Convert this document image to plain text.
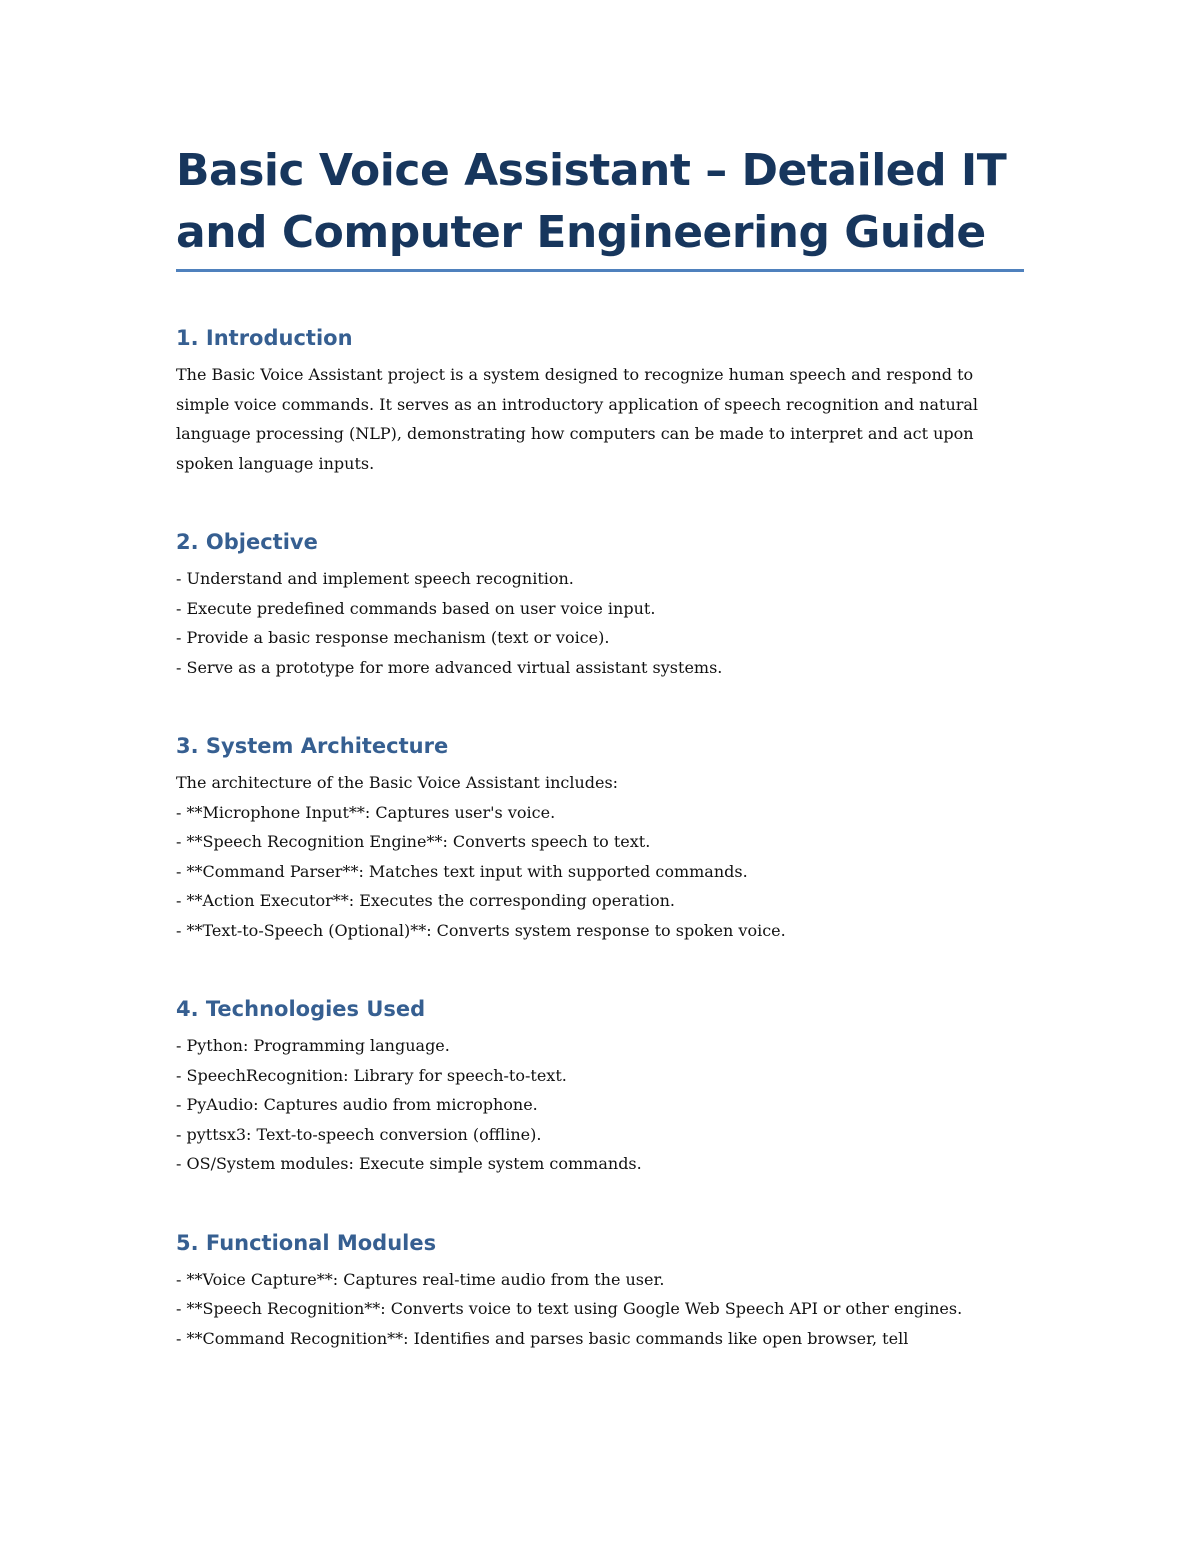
Basic Voice Assistant – Detailed IT and Computer Engineering Guide
1. Introduction

The Basic Voice Assistant project is a system designed to recognize human speech and respond to simple voice commands. It serves as an introductory application of speech recognition and natural language processing (NLP), demonstrating how computers can be made to interpret and act upon spoken language inputs.

2. Objective

- Understand and implement speech recognition.

- Execute predefined commands based on user voice input.

- Provide a basic response mechanism (text or voice).

- Serve as a prototype for more advanced virtual assistant systems.

3. System Architecture

The architecture of the Basic Voice Assistant includes:

- **Microphone Input**: Captures user's voice.

- **Speech Recognition Engine**: Converts speech to text.

- **Command Parser**: Matches text input with supported commands.

- **Action Executor**: Executes the corresponding operation.

- **Text-to-Speech (Optional)**: Converts system response to spoken voice.

4. Technologies Used

- Python: Programming language.

- SpeechRecognition: Library for speech-to-text.

- PyAudio: Captures audio from microphone.

- pyttsx3: Text-to-speech conversion (offline).

- OS/System modules: Execute simple system commands.

5. Functional Modules

- **Voice Capture**: Captures real-time audio from the user.

- **Speech Recognition**: Converts voice to text using Google Web Speech API or other engines.

- **Command Recognition**: Identifies and parses basic commands like open browser, tell
